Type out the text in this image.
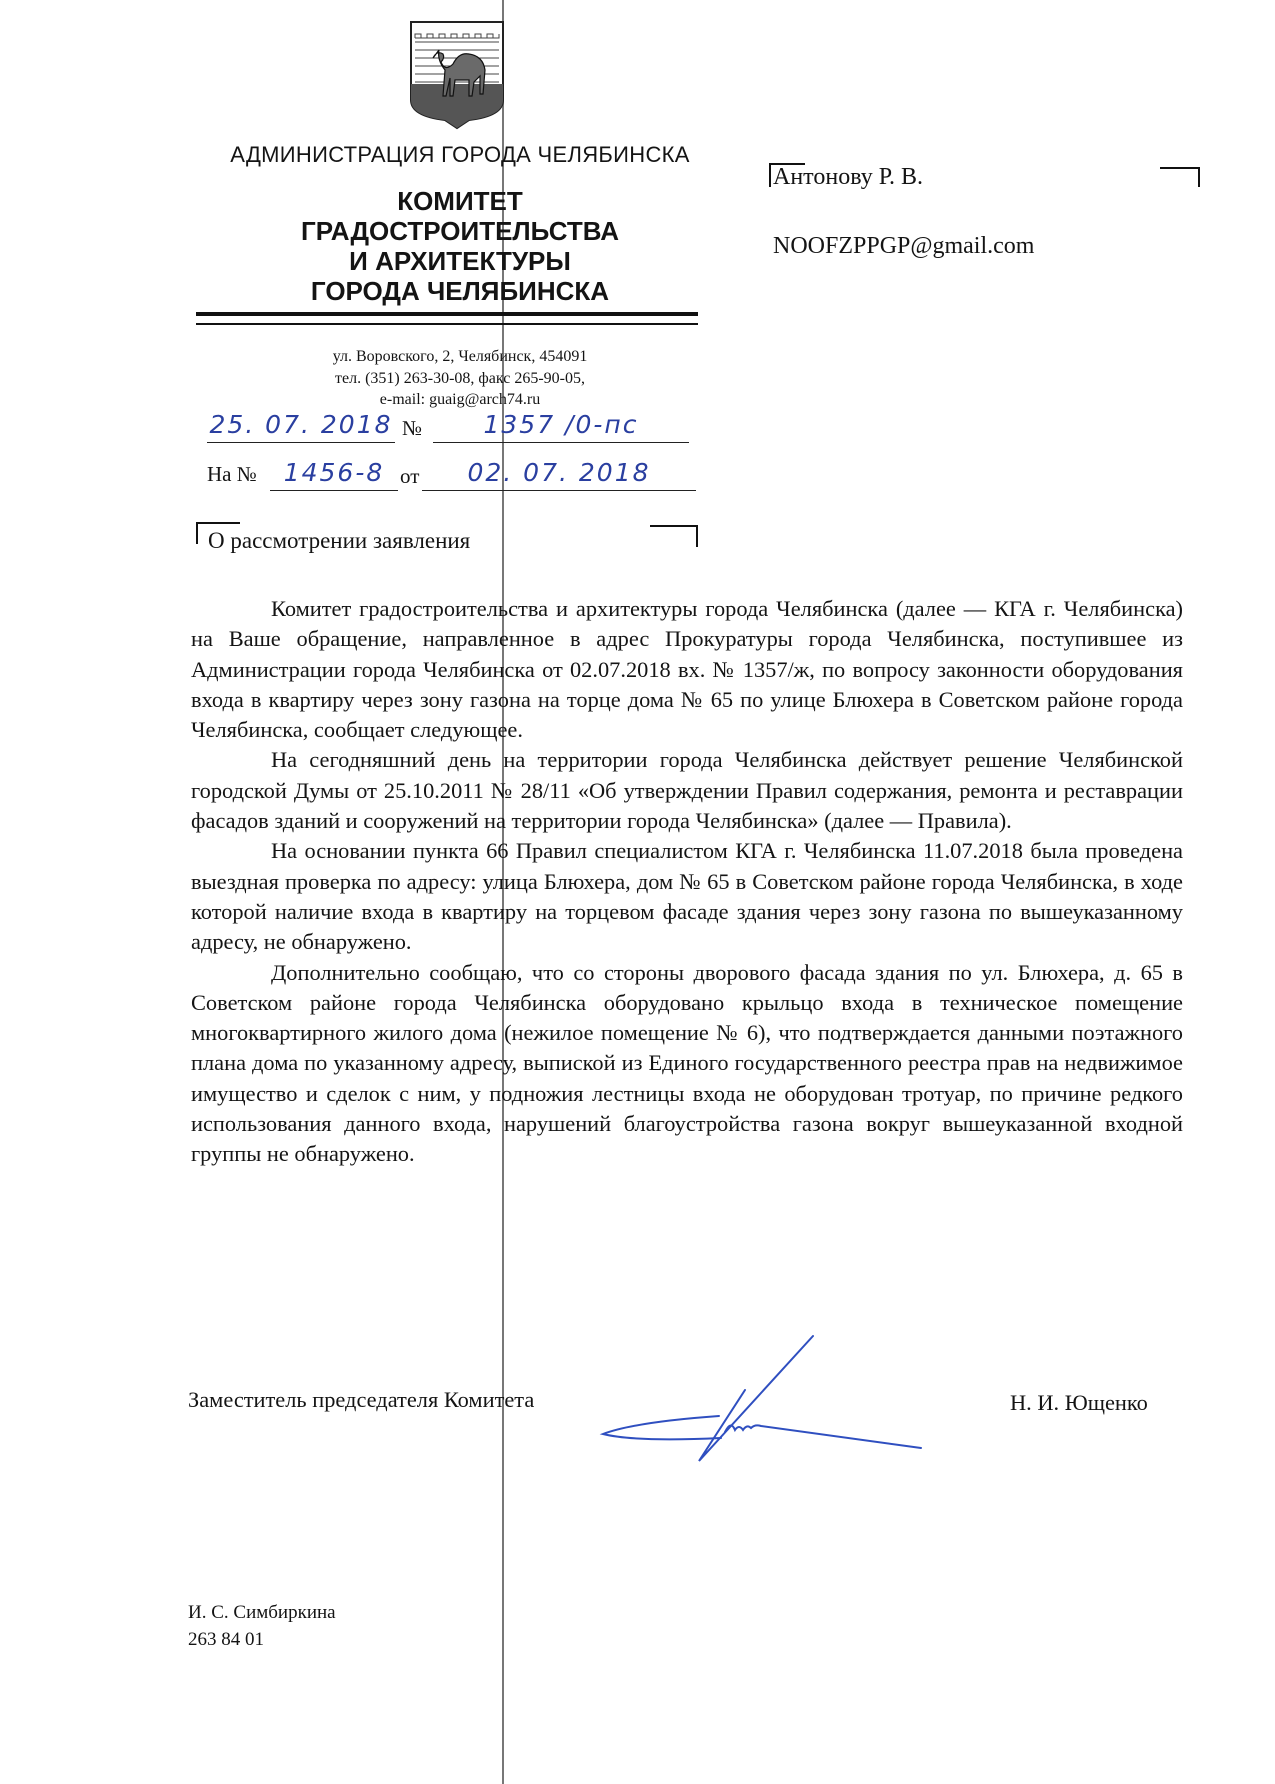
АДМИНИСТРАЦИЯ ГОРОДА ЧЕЛЯБИНСКА
КОМИТЕТ
ГРАДОСТРОИТЕЛЬСТВА
И АРХИТЕКТУРЫ
ГОРОДА ЧЕЛЯБИНСКА
ул. Воровского, 2, Челябинск, 454091
тел. (351) 263-30-08, факс 265-90-05,
e-mail: guaig@arch74.ru
25. 07. 2018 №	1357 /0-пс
На №	1456-8 от	02. 07. 2018
О рассмотрении заявления
Антонову Р. В.
NOOFZPPGP@gmail.com

Комитет градостроительства и архитектуры города Челябинска (далее — КГА г. Челябинска) на Ваше обращение, направленное в адрес Прокуратуры города Челябинска, поступившее из Администрации города Челябинска от 02.07.2018 вх. № 1357/ж, по вопросу законности оборудования входа в квартиру через зону газона на торце дома № 65 по улице Блюхера в Советском районе города Челябинска, сообщает следующее.

На сегодняшний день на территории города Челябинска действует решение Челябинской городской Думы от 25.10.2011 № 28/11 «Об утверждении Правил содержания, ремонта и реставрации фасадов зданий и сооружений на территории города Челябинска» (далее — Правила).

На основании пункта 66 Правил специалистом КГА г. Челябинска 11.07.2018 была проведена выездная проверка по адресу: улица Блюхера, дом № 65 в Советском районе города Челябинска, в ходе которой наличие входа в квартиру на торцевом фасаде здания через зону газона по вышеуказанному адресу, не обнаружено.

Дополнительно сообщаю, что со стороны дворового фасада здания по ул. Блюхера, д. 65 в Советском районе города Челябинска оборудовано крыльцо входа в техническое помещение многоквартирного жилого дома (нежилое помещение № 6), что подтверждается данными поэтажного плана дома по указанному адресу, выпиской из Единого государственного реестра прав на недвижимое имущество и сделок с ним, у подножия лестницы входа не оборудован тротуар, по причине редкого использования данного входа, нарушений благоустройства газона вокруг вышеуказанной входной группы не обнаружено.

Заместитель председателя Комитета	Н. И. Ющенко
И. С. Симбиркина
263 84 01
